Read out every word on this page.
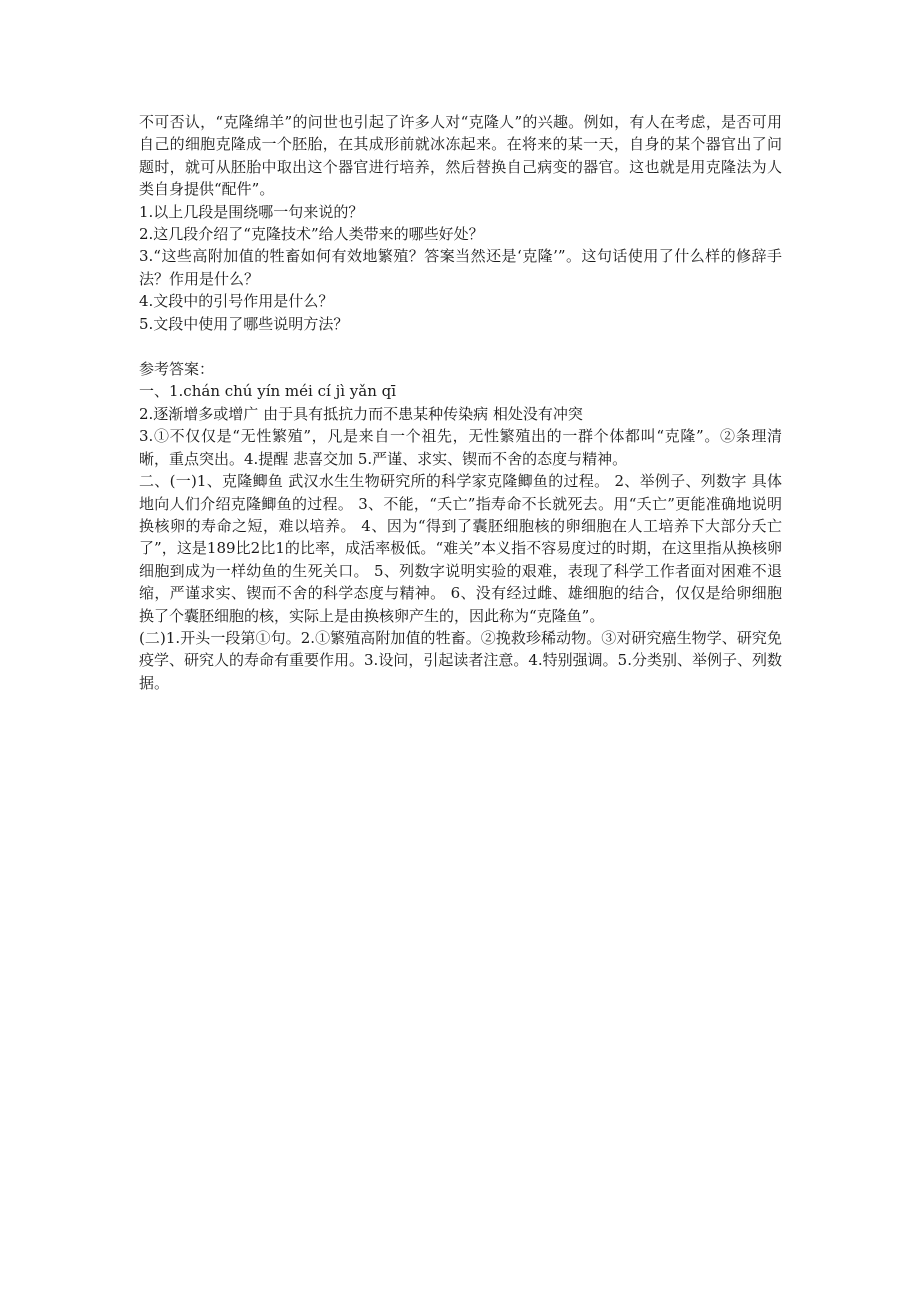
不可否认，“克隆绵羊”的问世也引起了许多人对“克隆人”的兴趣。例如，有人在考虑，是否可用自己的细胞克隆成一个胚胎，在其成形前就冰冻起来。在将来的某一天，自身的某个器官出了问题时，就可从胚胎中取出这个器官进行培养，然后替换自己病变的器官。这也就是用克隆法为人类自身提供“配件”。

1.以上几段是围绕哪一句来说的？

2.这几段介绍了“克隆技术”给人类带来的哪些好处？

3.“这些高附加值的牲畜如何有效地繁殖？答案当然还是‘克隆’”。这句话使用了什么样的修辞手法？作用是什么？

4.文段中的引号作用是什么？

5.文段中使用了哪些说明方法？

参考答案：

一、1.chán chú yín méi cí jì yǎn qī

2.逐渐增多或增广 由于具有抵抗力而不患某种传染病 相处没有冲突

3.①不仅仅是“无性繁殖”，凡是来自一个祖先，无性繁殖出的一群个体都叫“克隆”。②条理清晰，重点突出。4.提醒 悲喜交加 5.严谨、求实、锲而不舍的态度与精神。

二、(一)1、克隆鲫鱼 武汉水生生物研究所的科学家克隆鲫鱼的过程。 2、举例子、列数字 具体地向人们介绍克隆鲫鱼的过程。 3、不能，“夭亡”指寿命不长就死去。用“夭亡”更能准确地说明换核卵的寿命之短，难以培养。 4、因为“得到了囊胚细胞核的卵细胞在人工培养下大部分夭亡了”，这是189比2比1的比率，成活率极低。“难关”本义指不容易度过的时期，在这里指从换核卵细胞到成为一样幼鱼的生死关口。 5、列数字说明实验的艰难，表现了科学工作者面对困难不退缩，严谨求实、锲而不舍的科学态度与精神。 6、没有经过雌、雄细胞的结合，仅仅是给卵细胞换了个囊胚细胞的核，实际上是由换核卵产生的，因此称为“克隆鱼”。

(二)1.开头一段第①句。2.①繁殖高附加值的牲畜。②挽救珍稀动物。③对研究癌生物学、研究免疫学、研究人的寿命有重要作用。3.设问，引起读者注意。4.特别强调。5.分类别、举例子、列数据。
